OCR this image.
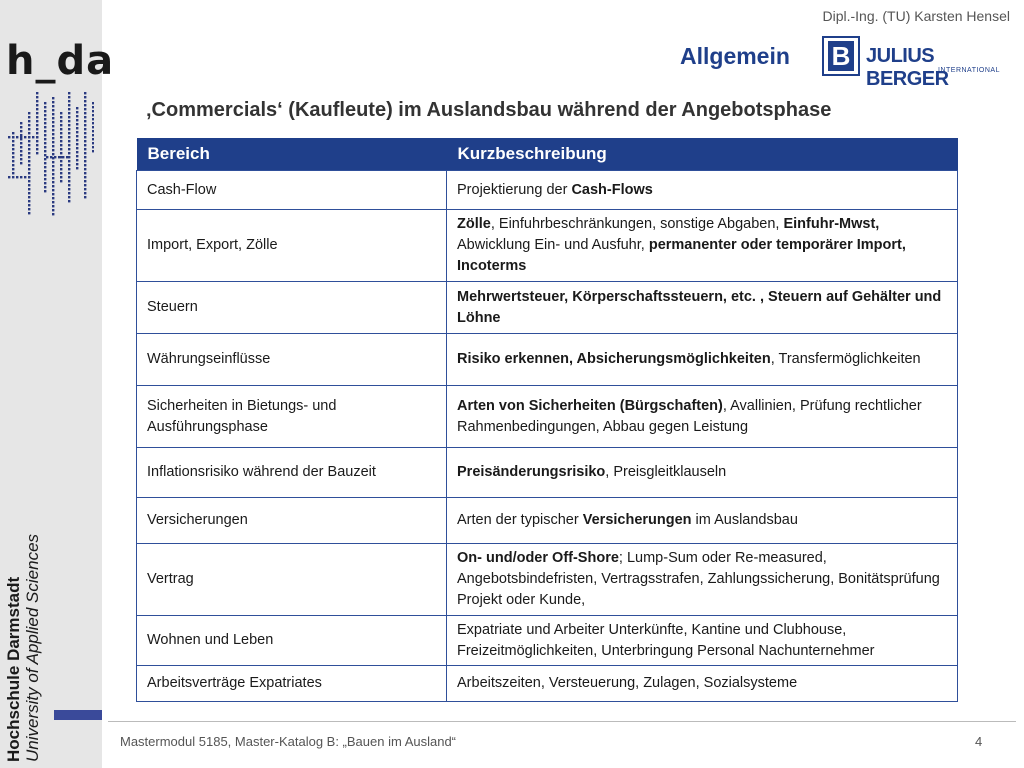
h_da
Hochschule Darmstadt University of Applied Sciences
Dipl.-Ing. (TU) Karsten Hensel
Allgemein B JULIUS BERGER
INTERNATIONAL
‚Commercials‘ (Kaufleute) im Auslandsbau während der Angebotsphase
Bereich	Kurzbeschreibung
Cash-Flow	Projektierung der Cash-Flows
Import, Export, Zölle	Zölle, Einfuhrbeschränkungen, sonstige Abgaben, Einfuhr-Mwst, Abwicklung Ein- und Ausfuhr, permanenter oder temporärer Import, Incoterms
Steuern	Mehrwertsteuer, Körperschaftssteuern, etc. , Steuern auf Gehälter und Löhne
Währungseinflüsse	Risiko erkennen, Absicherungsmöglichkeiten, Transfermöglichkeiten
Sicherheiten in Bietungs- und Ausführungsphase	Arten von Sicherheiten (Bürgschaften), Avallinien, Prüfung rechtlicher Rahmenbedingungen, Abbau gegen Leistung
Inflationsrisiko während der Bauzeit	Preisänderungsrisiko, Preisgleitklauseln
Versicherungen	Arten der typischer Versicherungen im Auslandsbau
Vertrag	On- und/oder Off-Shore; Lump-Sum oder Re-measured, Angebotsbindefristen, Vertragsstrafen, Zahlungssicherung, Bonitätsprüfung Projekt oder Kunde,
Wohnen und Leben	Expatriate und Arbeiter Unterkünfte, Kantine und Clubhouse, Freizeitmöglichkeiten, Unterbringung Personal Nachunternehmer
Arbeitsverträge Expatriates	Arbeitszeiten, Versteuerung, Zulagen, Sozialsysteme
Mastermodul 5185, Master-Katalog B: „Bauen im Ausland“	4
